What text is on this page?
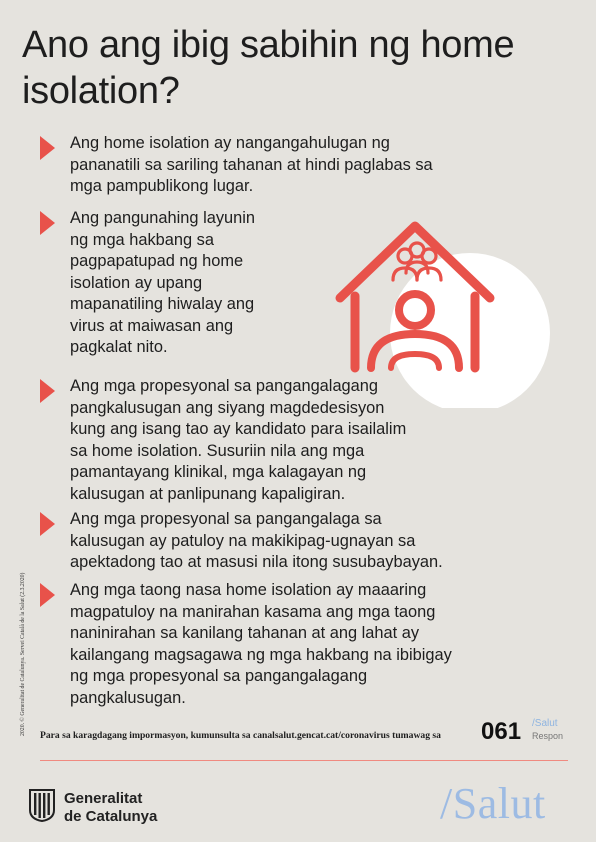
Ano ang ibig sabihin ng home isolation?
Ang home isolation ay nangangahulugan ng
pananatili sa sariling tahanan at hindi paglabas sa
mga pampublikong lugar.
Ang pangunahing layunin
ng mga hakbang sa
pagpapatupad ng home
isolation ay upang
mapanatiling hiwalay ang
virus at maiwasan ang
pagkalat nito.
Ang mga propesyonal sa pangangalagang
pangkalusugan ang siyang magdedesisyon
kung ang isang tao ay kandidato para isailalim
sa home isolation. Susuriin nila ang mga
pamantayang klinikal, mga kalagayan ng
kalusugan at panlipunang kapaligiran.
Ang mga propesyonal sa pangangalaga sa
kalusugan ay patuloy na makikipag-ugnayan sa
apektadong tao at masusi nila itong susubaybayan.
Ang mga taong nasa home isolation ay maaaring
magpatuloy na manirahan kasama ang mga taong
naninirahan sa kanilang tahanan at ang lahat ay
kailangang magsagawa ng mga hakbang na ibibigay
ng mga propesyonal sa pangangalagang
pangkalusugan.
Para sa karagdagang impormasyon, kumunsulta sa canalsalut.gencat.cat/coronavirus tumawag sa 061 /Salut
Respon
2020. © Generalitat de Catalunya. Servei Català de la Salut (2.3.2020)
Generalitat
de Catalunya	/Salut
